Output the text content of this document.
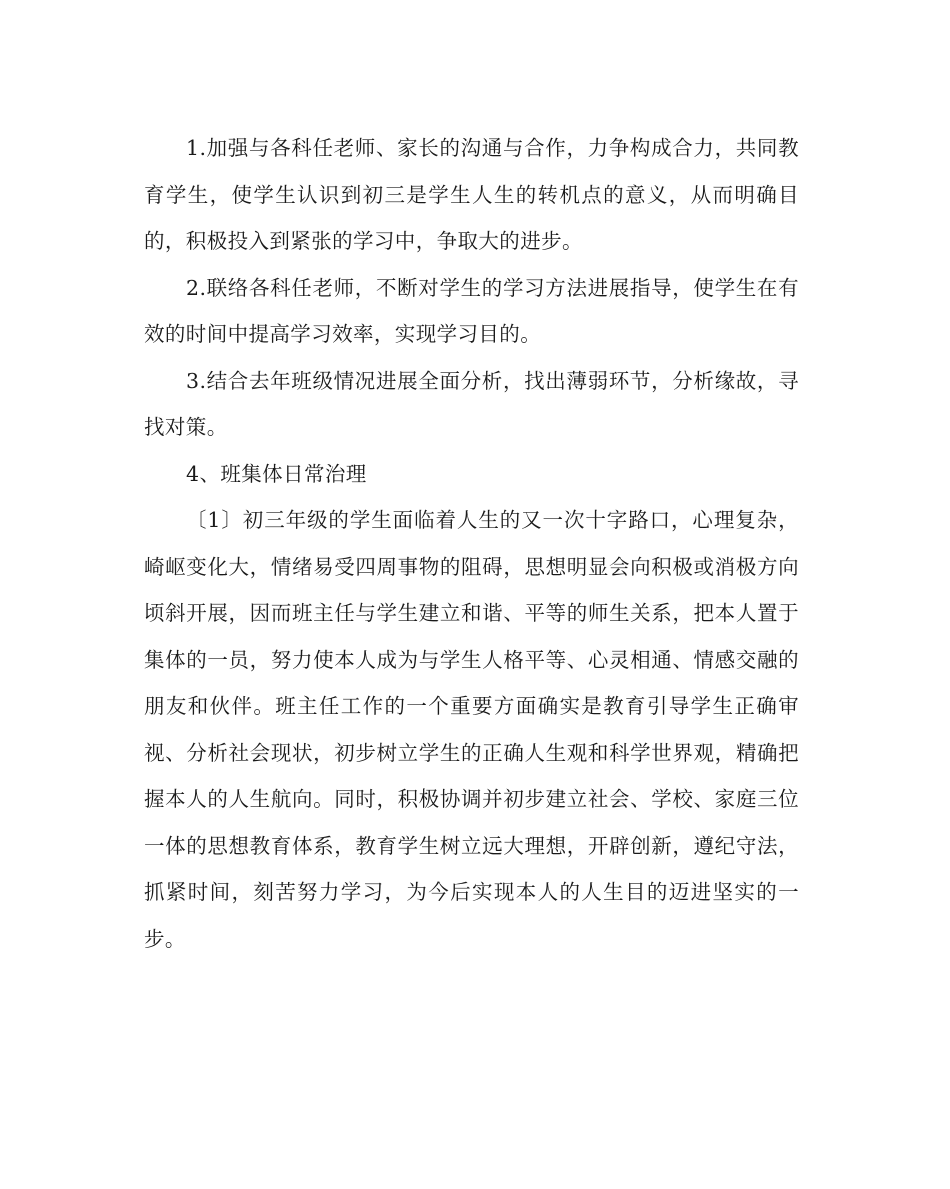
1.加强与各科任老师、家长的沟通与合作，力争构成合力，共同教育学生，使学生认识到初三是学生人生的转机点的意义，从而明确目的，积极投入到紧张的学习中，争取大的进步。

2.联络各科任老师，不断对学生的学习方法进展指导，使学生在有效的时间中提高学习效率，实现学习目的。

3.结合去年班级情况进展全面分析，找出薄弱环节，分析缘故，寻找对策。

4、班集体日常治理

〔1〕初三年级的学生面临着人生的又一次十字路口，心理复杂，崎岖变化大，情绪易受四周事物的阻碍，思想明显会向积极或消极方向顷斜开展，因而班主任与学生建立和谐、平等的师生关系，把本人置于集体的一员，努力使本人成为与学生人格平等、心灵相通、情感交融的朋友和伙伴。班主任工作的一个重要方面确实是教育引导学生正确审视、分析社会现状，初步树立学生的正确人生观和科学世界观，精确把握本人的人生航向。同时，积极协调并初步建立社会、学校、家庭三位一体的思想教育体系，教育学生树立远大理想，开辟创新，遵纪守法，抓紧时间，刻苦努力学习，为今后实现本人的人生目的迈进坚实的一步。
